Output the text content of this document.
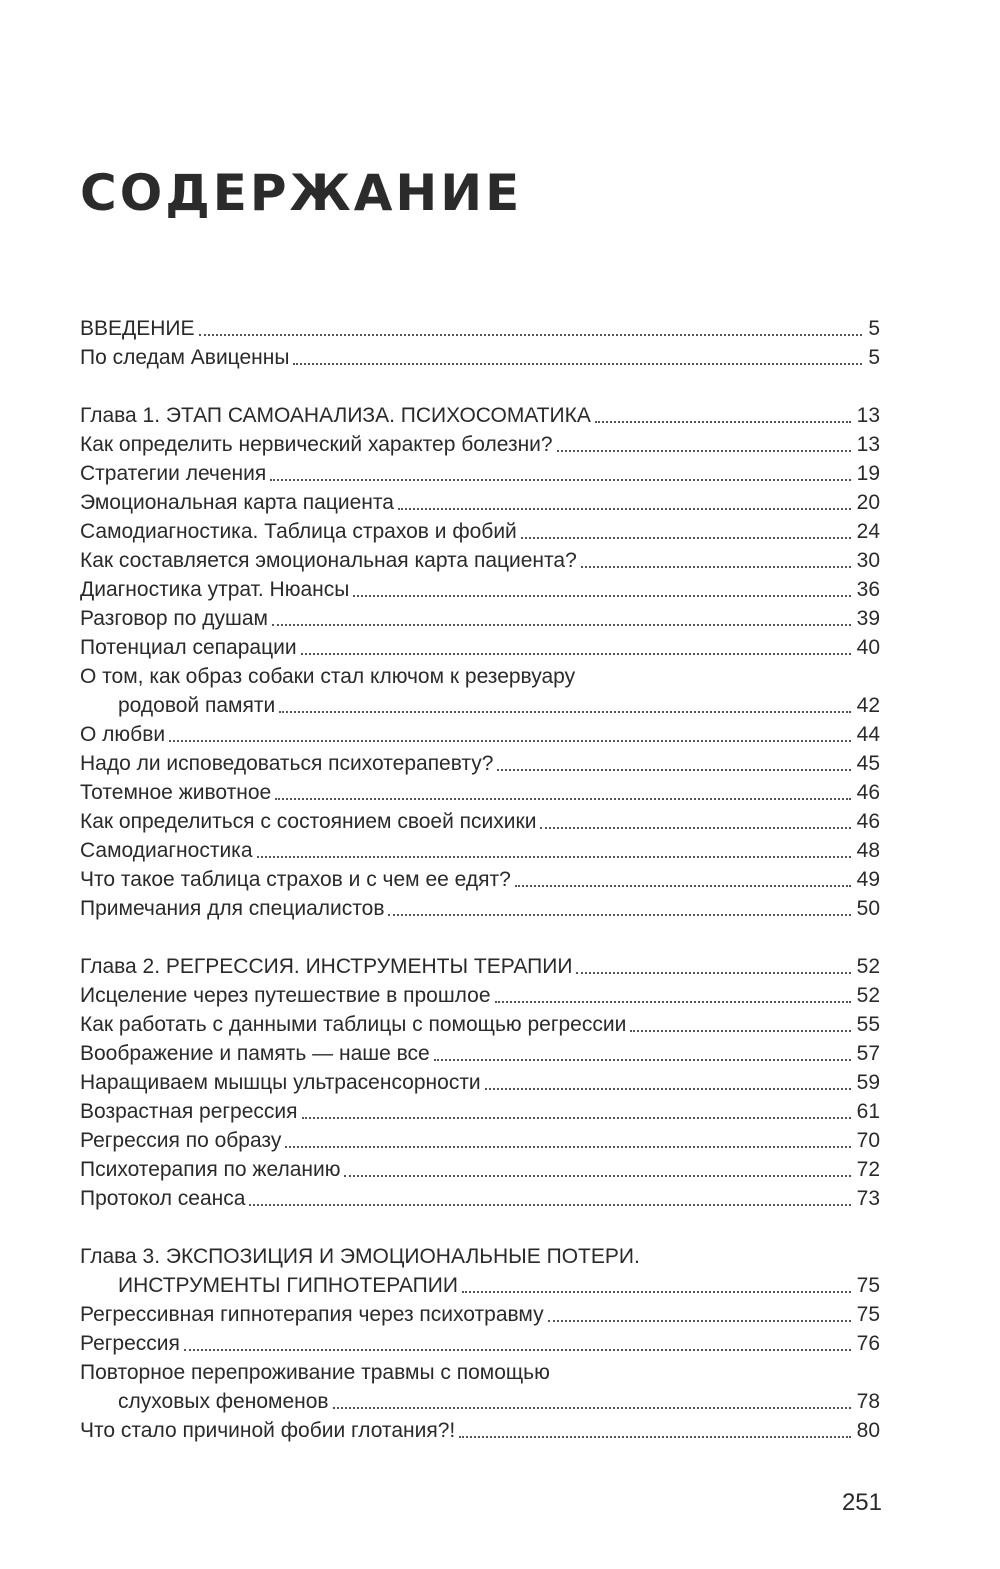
СОДЕРЖАНИЕ
ВВЕДЕНИЕ	5
По следам Авиценны	5
Глава 1. ЭТАП САМОАНАЛИЗА. ПСИХОСОМАТИКА	13
Как определить нервический характер болезни?	13
Стратегии лечения	19
Эмоциональная карта пациента	20
Самодиагностика. Таблица страхов и фобий	24
Как составляется эмоциональная карта пациента?	30
Диагностика утрат. Нюансы	36
Разговор по душам	39
Потенциал сепарации	40
О том, как образ собаки стал ключом к резервуару
родовой памяти	42
О любви	44
Надо ли исповедоваться психотерапевту?	45
Тотемное животное	46
Как определиться с состоянием своей психики	46
Самодиагностика	48
Что такое таблица страхов и с чем ее едят?	49
Примечания для специалистов	50
Глава 2. РЕГРЕССИЯ. ИНСТРУМЕНТЫ ТЕРАПИИ	52
Исцеление через путешествие в прошлое	52
Как работать с данными таблицы с помощью регрессии	55
Воображение и память — наше все	57
Наращиваем мышцы ультрасенсорности	59
Возрастная регрессия	61
Регрессия по образу	70
Психотерапия по желанию	72
Протокол сеанса	73
Глава 3. ЭКСПОЗИЦИЯ И ЭМОЦИОНАЛЬНЫЕ ПОТЕРИ.
ИНСТРУМЕНТЫ ГИПНОТЕРАПИИ	75
Регрессивная гипнотерапия через психотравму	75
Регрессия	76
Повторное перепроживание травмы с помощью
слуховых феноменов	78
Что стало причиной фобии глотания?!	80
251
